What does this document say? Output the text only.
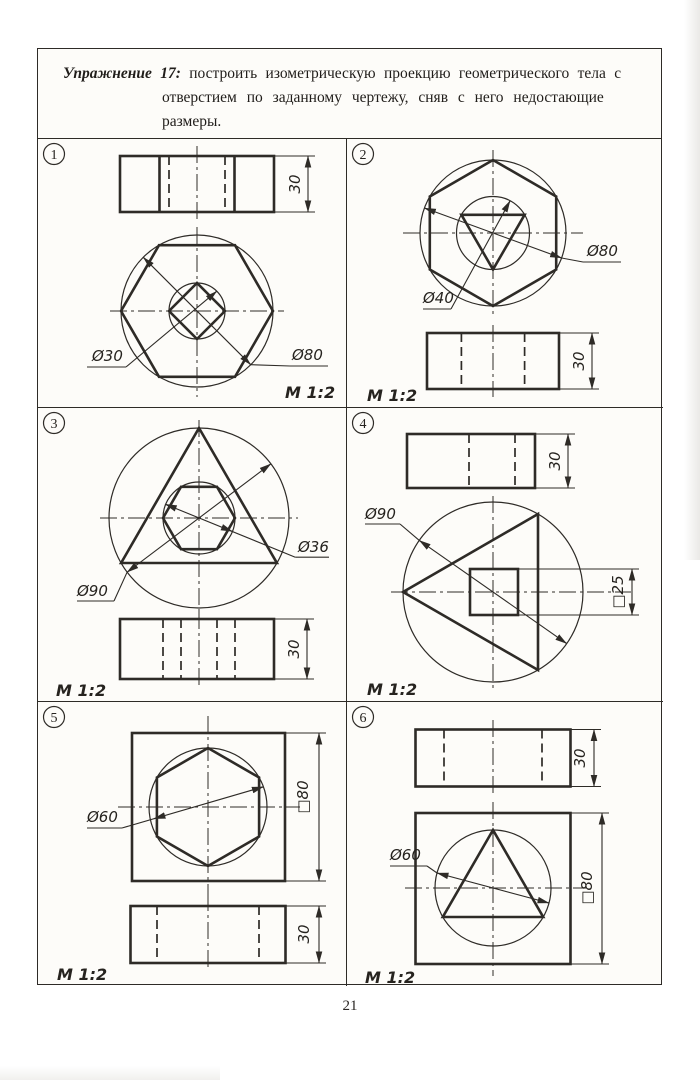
Упражнение 17: построить изометрическую проекцию геометрического тела с
отверстием по заданному чертежу, сняв с него недостающие
размеры.
1
30
Ø80
Ø30
M 1:2
2
Ø80
Ø40
30
M 1:2
3
Ø90
Ø36
30
M 1:2
4
30
Ø90
□25
M 1:2
5
Ø60
□80
30
M 1:2
6
30
Ø60
□80
M 1:2
21
